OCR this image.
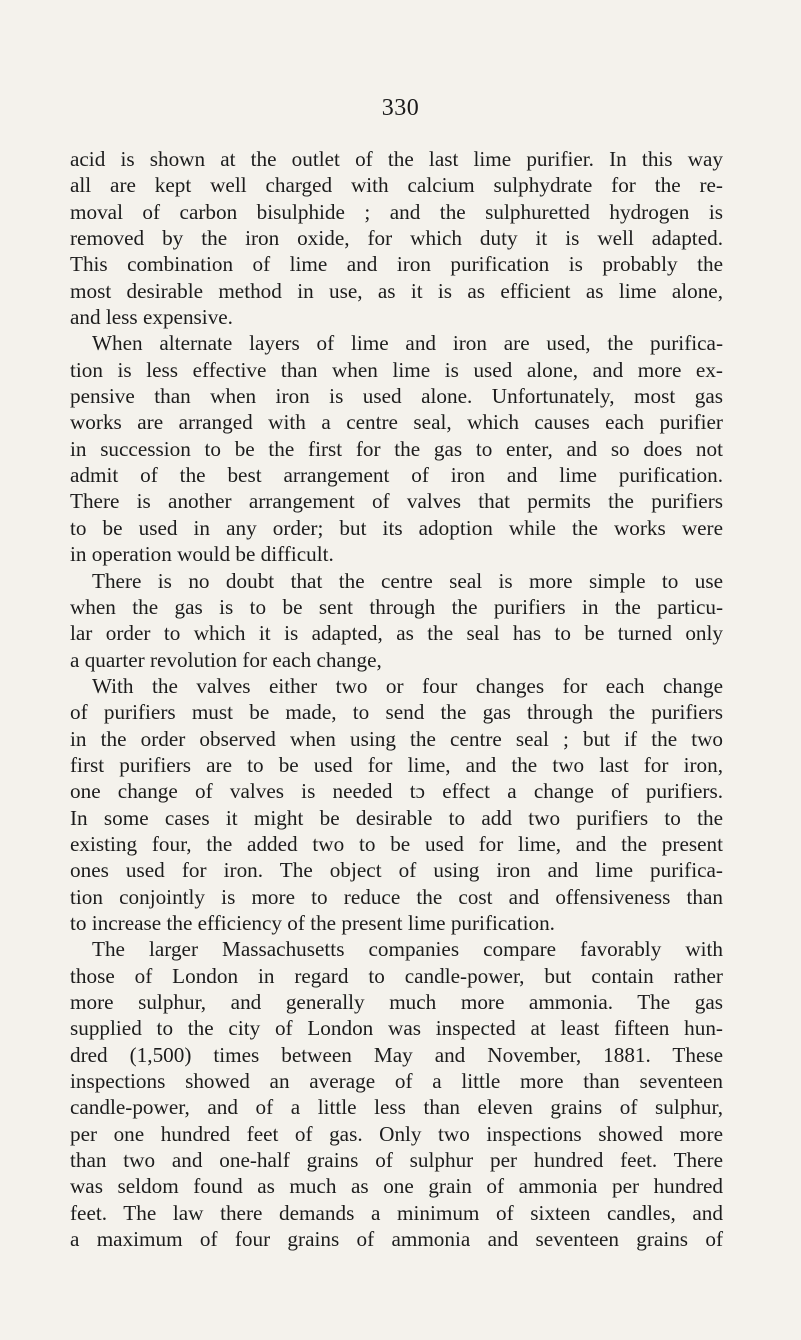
330
acid is shown at the outlet of the last lime purifier. In this way
all are kept well charged with calcium sulphydrate for the re-
moval of carbon bisulphide ; and the sulphuretted hydrogen is
removed by the iron oxide, for which duty it is well adapted.
This combination of lime and iron purification is probably the
most desirable method in use, as it is as efficient as lime alone,
and less expensive.
When alternate layers of lime and iron are used, the purifica-
tion is less effective than when lime is used alone, and more ex-
pensive than when iron is used alone. Unfortunately, most gas
works are arranged with a centre seal, which causes each purifier
in succession to be the first for the gas to enter, and so does not
admit of the best arrangement of iron and lime purification.
There is another arrangement of valves that permits the purifiers
to be used in any order; but its adoption while the works were
in operation would be difficult.
There is no doubt that the centre seal is more simple to use
when the gas is to be sent through the purifiers in the particu-
lar order to which it is adapted, as the seal has to be turned only
a quarter revolution for each change,
With the valves either two or four changes for each change
of purifiers must be made, to send the gas through the purifiers
in the order observed when using the centre seal ; but if the two
first purifiers are to be used for lime, and the two last for iron,
one change of valves is needed tɔ effect a change of purifiers.
In some cases it might be desirable to add two purifiers to the
existing four, the added two to be used for lime, and the present
ones used for iron. The object of using iron and lime purifica-
tion conjointly is more to reduce the cost and offensiveness than
to increase the efficiency of the present lime purification.
The larger Massachusetts companies compare favorably with
those of London in regard to candle-power, but contain rather
more sulphur, and generally much more ammonia. The gas
supplied to the city of London was inspected at least fifteen hun-
dred (1,500) times between May and November, 1881. These
inspections showed an average of a little more than seventeen
candle-power, and of a little less than eleven grains of sulphur,
per one hundred feet of gas. Only two inspections showed more
than two and one-half grains of sulphur per hundred feet. There
was seldom found as much as one grain of ammonia per hundred
feet. The law there demands a minimum of sixteen candles, and
a maximum of four grains of ammonia and seventeen grains of
